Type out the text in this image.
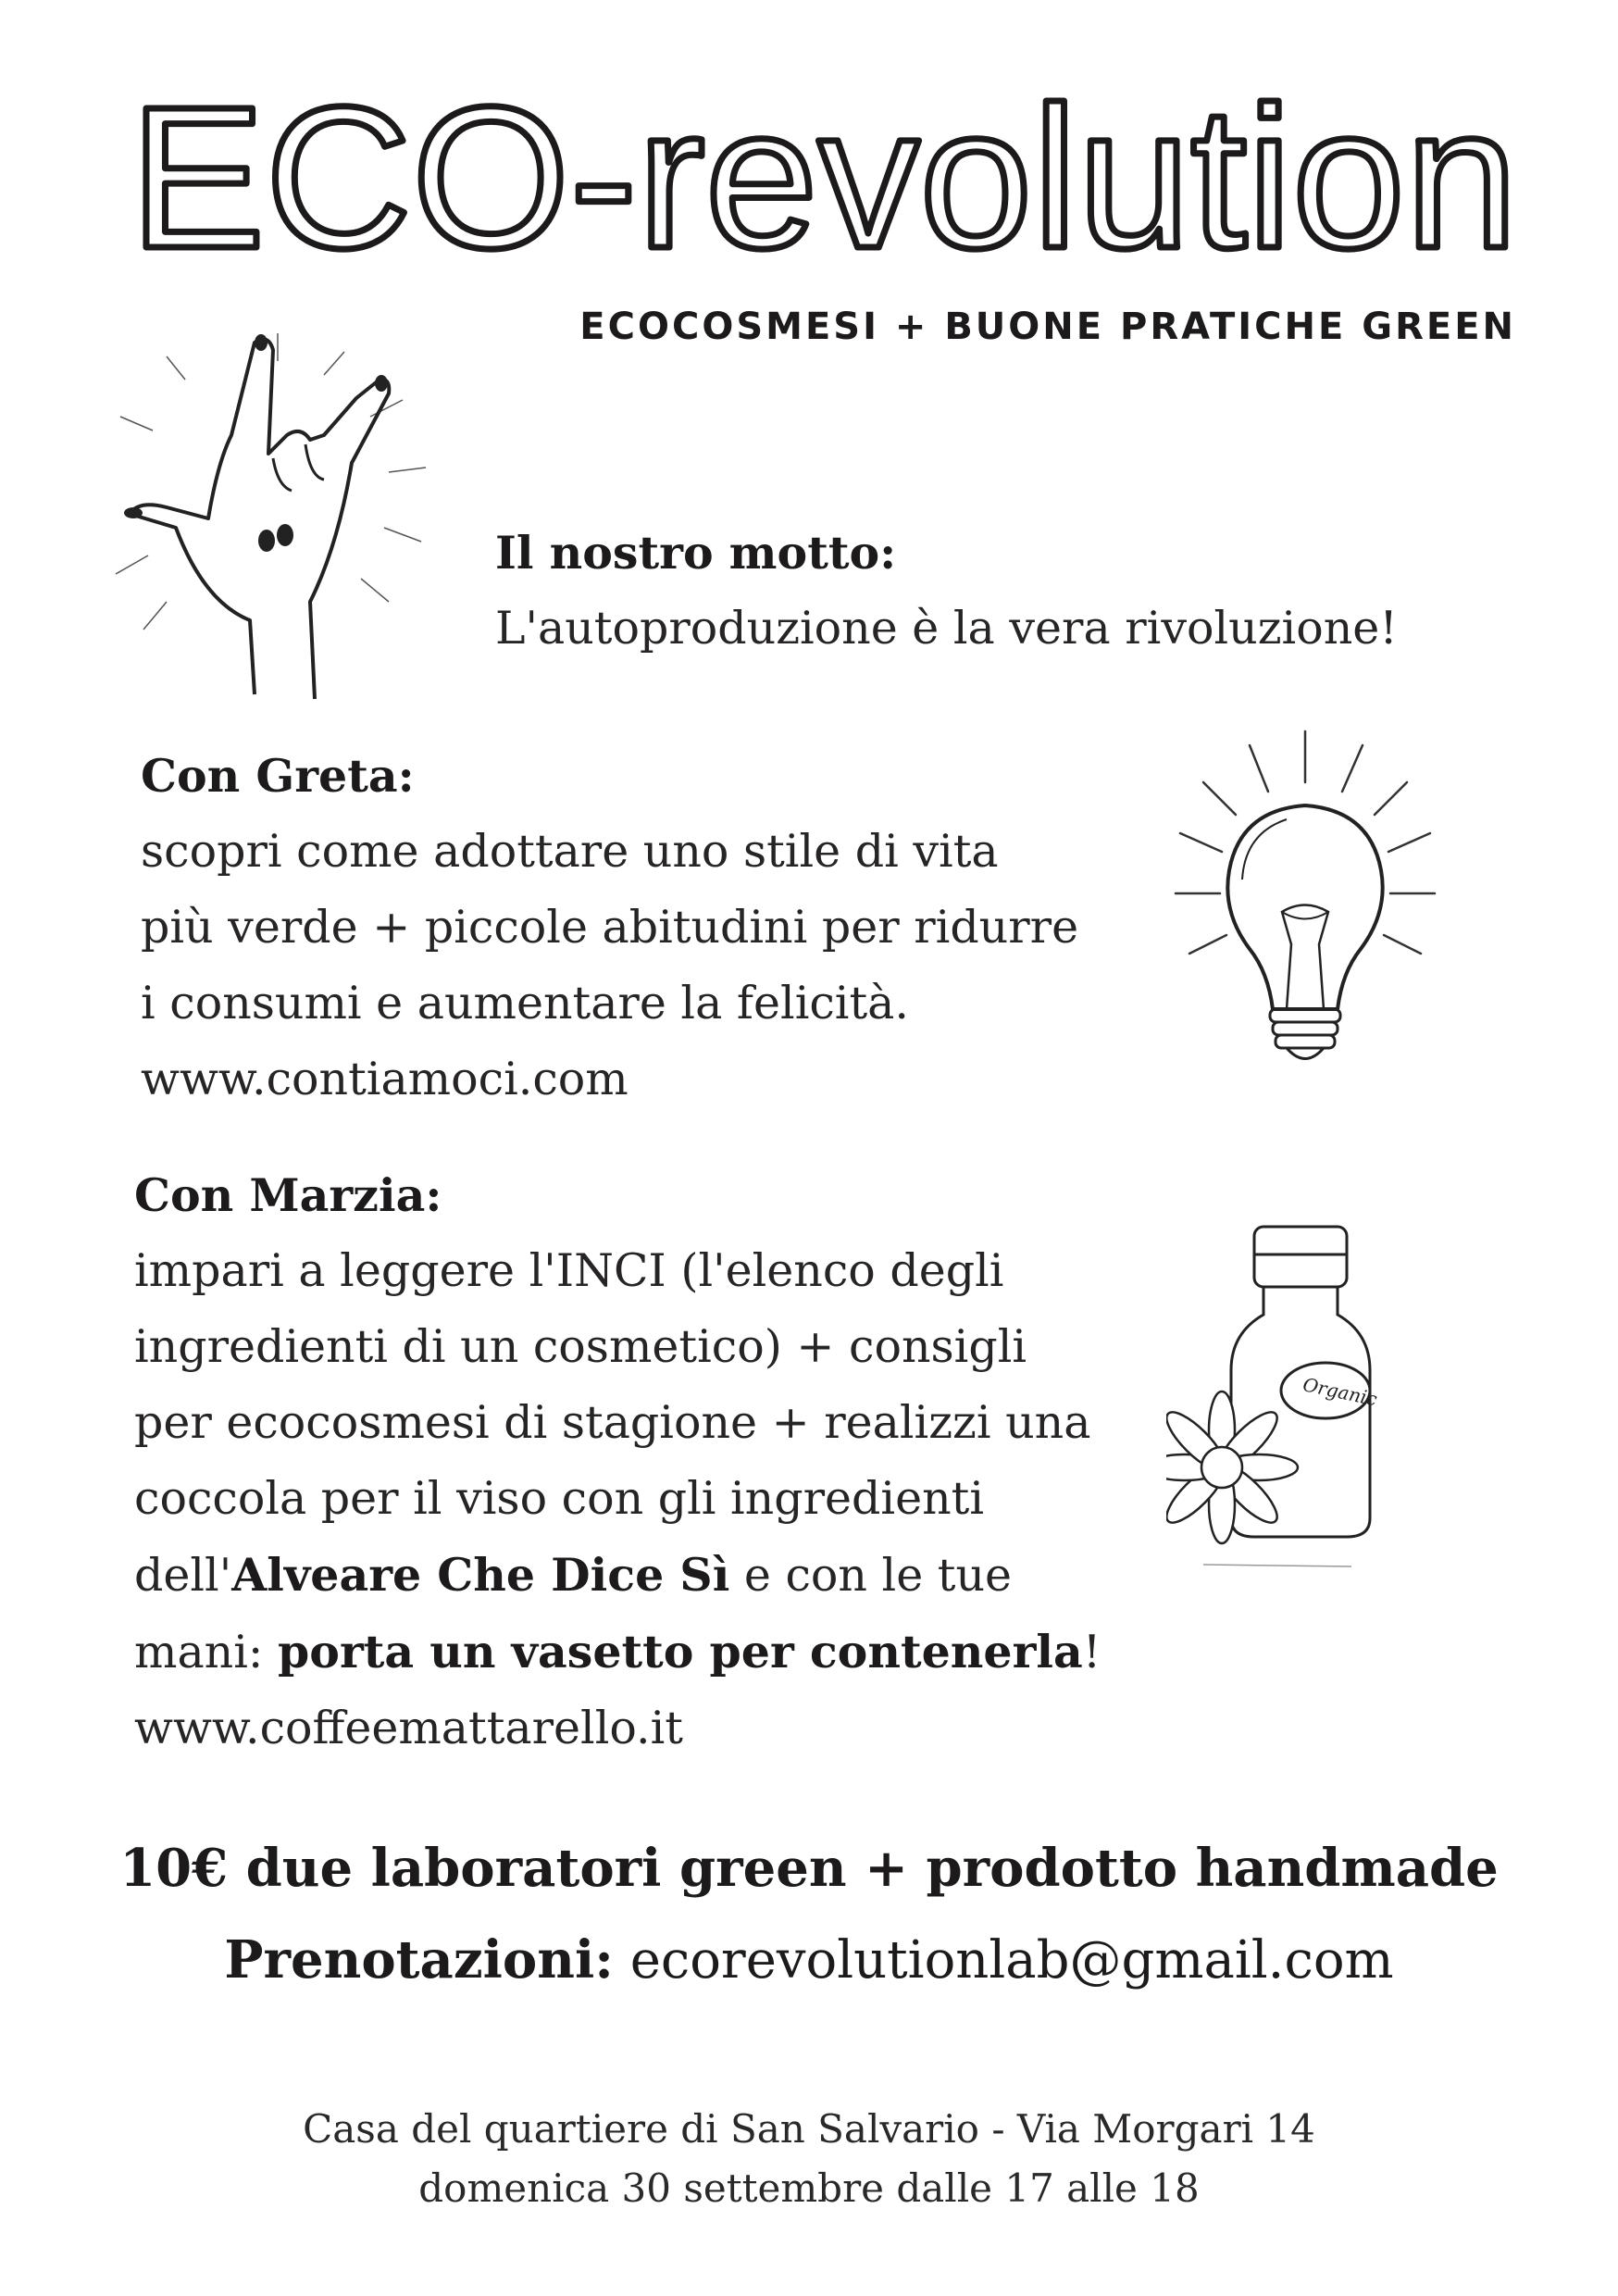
ECO-revolution
ECOCOSMESI + BUONE PRATICHE GREEN
Il nostro motto:
L'autoproduzione è la vera rivoluzione!
Con Greta:
scopri come adottare uno stile di vita
più verde + piccole abitudini per ridurre
i consumi e aumentare la felicità.
www.contiamoci.com
Con Marzia:
impari a leggere l'INCI (l'elenco degli
ingredienti di un cosmetico) + consigli
per ecocosmesi di stagione + realizzi una
coccola per il viso con gli ingredienti
dell'Alveare Che Dice Sì e con le tue
mani: porta un vasetto per contenerla!
www.coffeemattarello.it
Organic
10€ due laboratori green + prodotto handmade
Prenotazioni: ecorevolutionlab@gmail.com
Casa del quartiere di San Salvario - Via Morgari 14
domenica 30 settembre dalle 17 alle 18
